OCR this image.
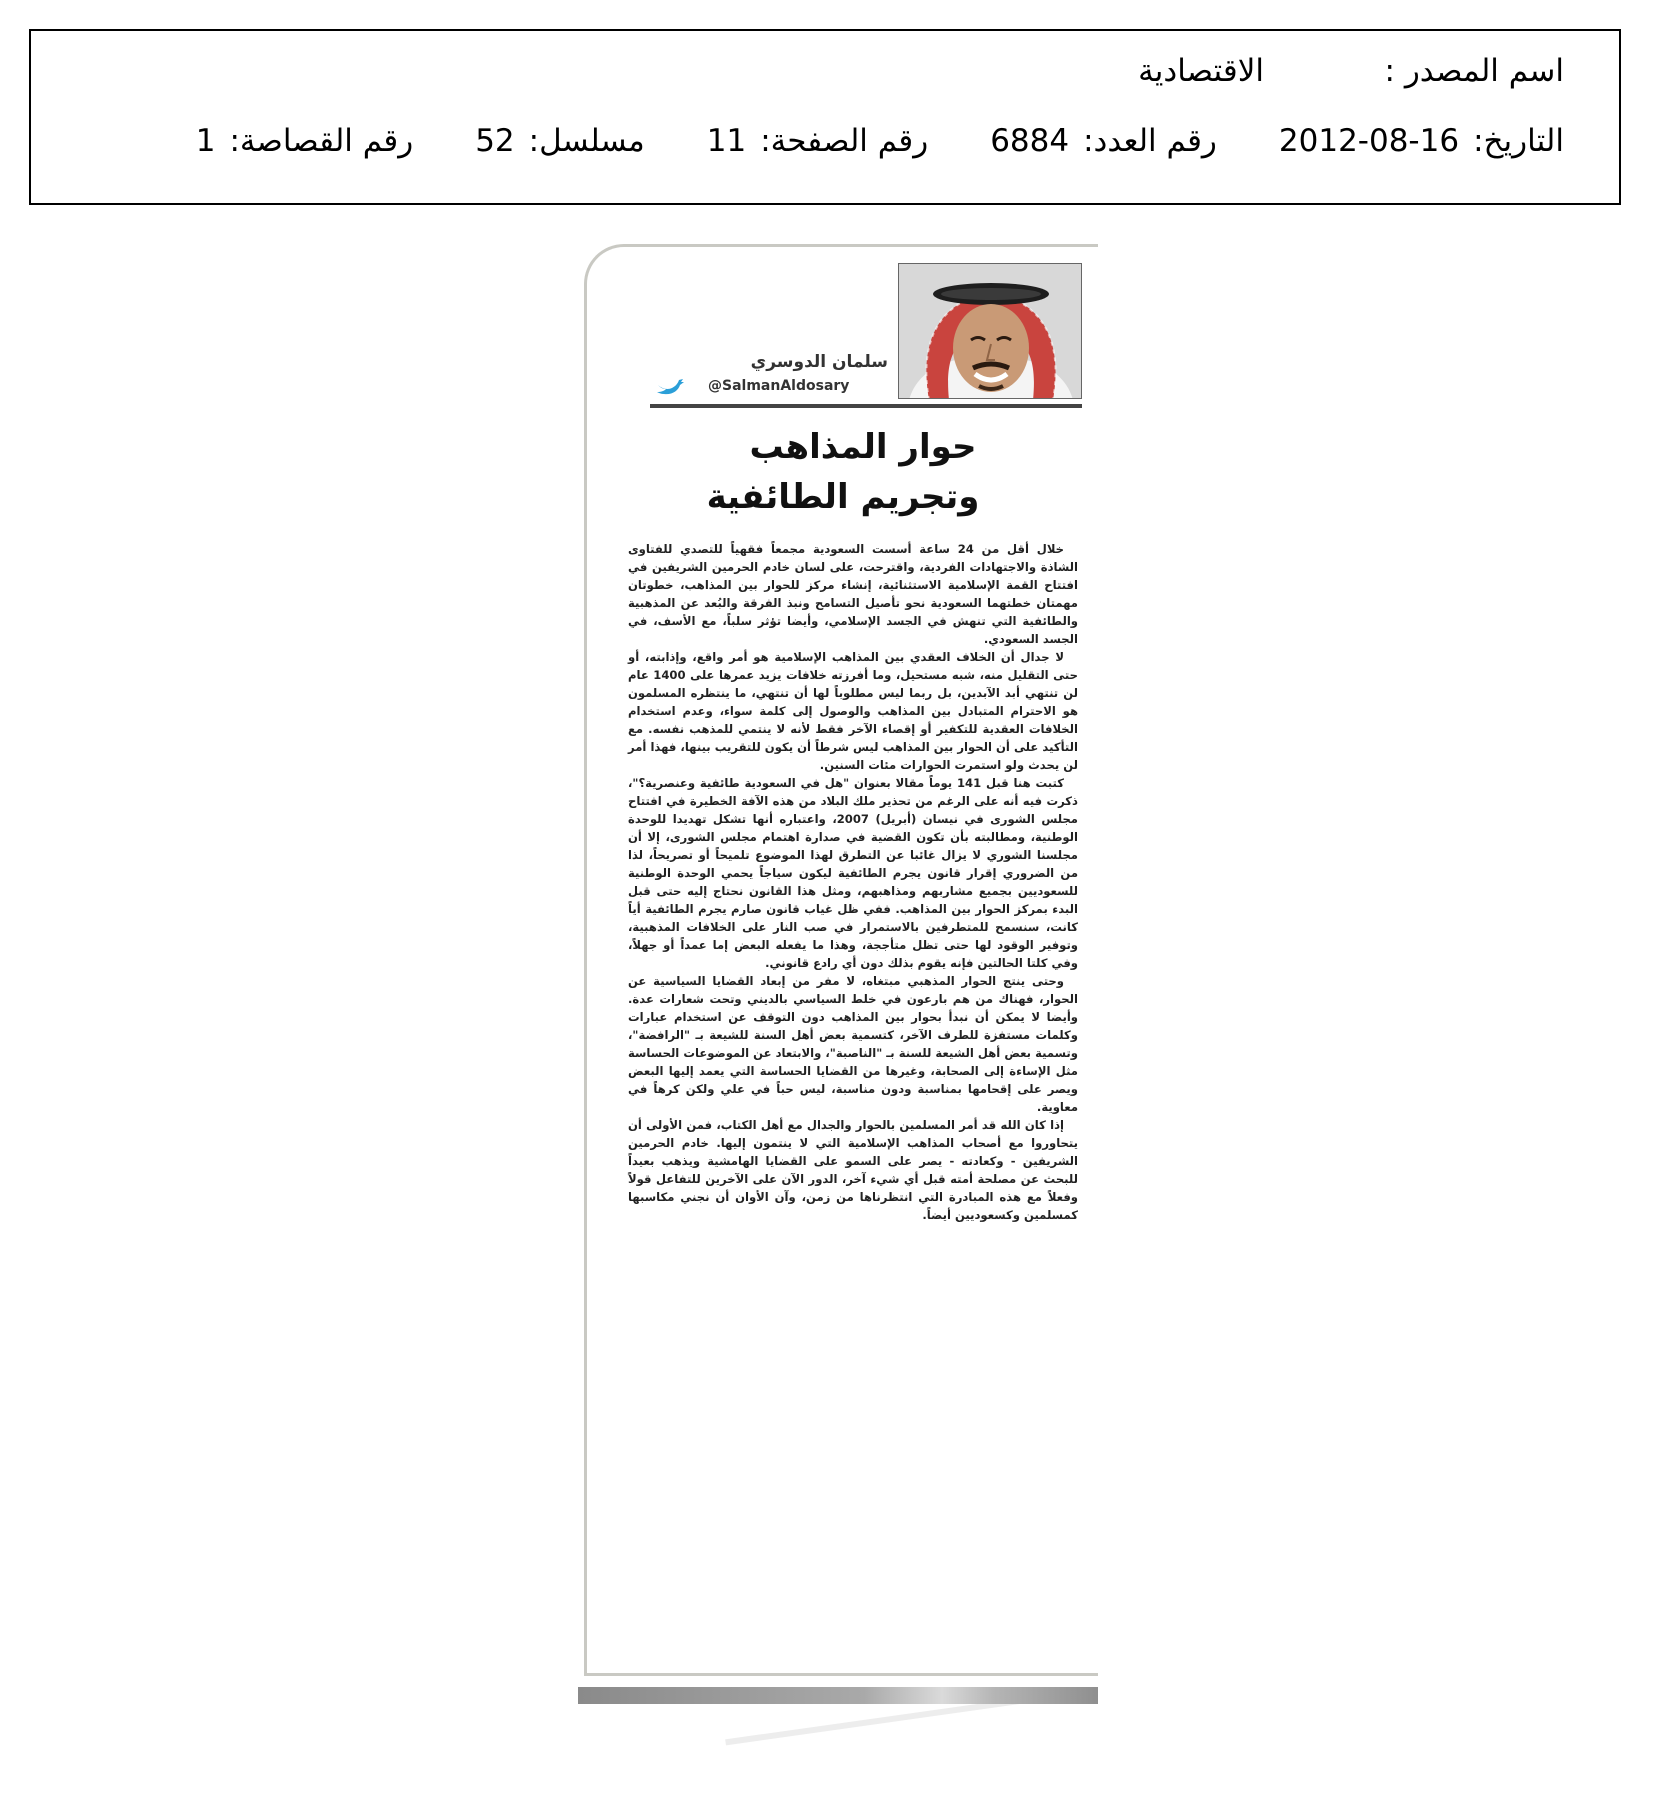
اسم المصدر :
الاقتصادية
التاريخ:
2012-08-16
رقم العدد:
6884
رقم الصفحة:
11
مسلسل:
52
رقم القصاصة:
1
سلمان الدوسري
@SalmanAldosary
حوار المذاهب
وتجريم الطائفية

خلال أقل من 24 ساعة أسست السعودية مجمعاً فقهياً للتصدي للفتاوى الشاذة والاجتهادات الفردية، واقترحت، على لسان خادم الحرمين الشريفين في افتتاح القمة الإسلامية الاستثنائية، إنشاء مركز للحوار بين المذاهب، خطوتان مهمتان خطتهما السعودية نحو تأصيل التسامح ونبذ الفرقة والبُعد عن المذهبية والطائفية التي تنهش في الجسد الإسلامي، وأيضا تؤثر سلباً، مع الأسف، في الجسد السعودي.

لا جدال أن الخلاف العقدي بين المذاهب الإسلامية هو أمر واقع، وإذابته، أو حتى التقليل منه، شبه مستحيل، وما أفرزته خلافات يزيد عمرها على 1400 عام لن تنتهي أبد الآبدين، بل ربما ليس مطلوباً لها أن تنتهي، ما ينتظره المسلمون هو الاحترام المتبادل بين المذاهب والوصول إلى كلمة سواء، وعدم استخدام الخلافات العقدية للتكفير أو إقصاء الآخر فقط لأنه لا ينتمي للمذهب نفسه. مع التأكيد على أن الحوار بين المذاهب ليس شرطاً أن يكون للتقريب بينها، فهذا أمر لن يحدث ولو استمرت الحوارات مئات السنين.

كتبت هنا قبل 141 يوماً مقالا بعنوان "هل في السعودية طائفية وعنصرية؟"، ذكرت فيه أنه على الرغم من تحذير ملك البلاد من هذه الآفة الخطيرة في افتتاح مجلس الشورى في نيسان (أبريل) 2007، واعتباره أنها تشكل تهديدا للوحدة الوطنية، ومطالبته بأن تكون القضية في صدارة اهتمام مجلس الشورى، إلا أن مجلسنا الشوري لا يزال غائبا عن التطرق لهذا الموضوع تلميحاً أو تصريحاً، لذا من الضروري إقرار قانون يجرم الطائفية ليكون سياجاً يحمي الوحدة الوطنية للسعوديين بجميع مشاربهم ومذاهبهم، ومثل هذا القانون نحتاج إليه حتى قبل البدء بمركز الحوار بين المذاهب. ففي ظل غياب قانون صارم يجرم الطائفية أياً كانت، سنسمح للمتطرفين بالاستمرار في صب النار على الخلافات المذهبية، وتوفير الوقود لها حتى تظل متأججة، وهذا ما يفعله البعض إما عمداً أو جهلاً، وفي كلتا الحالتين فإنه يقوم بذلك دون أي رادع قانوني.

وحتى ينتج الحوار المذهبي مبتغاه، لا مفر من إبعاد القضايا السياسية عن الحوار، فهناك من هم بارعون في خلط السياسي بالديني وتحت شعارات عدة. وأيضا لا يمكن أن نبدأ بحوار بين المذاهب دون التوقف عن استخدام عبارات وكلمات مستفزة للطرف الآخر، كتسمية بعض أهل السنة للشيعة بـ "الرافضة"، وتسمية بعض أهل الشيعة للسنة بـ "الناصبة"، والابتعاد عن الموضوعات الحساسة مثل الإساءة إلى الصحابة، وغيرها من القضايا الحساسة التي يعمد إليها البعض ويصر على إقحامها بمناسبة ودون مناسبة، ليس حباً في علي ولكن كرهاً في معاوية.

إذا كان الله قد أمر المسلمين بالحوار والجدال مع أهل الكتاب، فمن الأولى أن يتحاوروا مع أصحاب المذاهب الإسلامية التي لا ينتمون إليها. خادم الحرمين الشريفين - وكعادته - يصر على السمو على القضايا الهامشية ويذهب بعيداً للبحث عن مصلحة أمته قبل أي شيء آخر، الدور الآن على الآخرين للتفاعل قولاً وفعلاً مع هذه المبادرة التي انتظرناها من زمن، وآن الأوان أن نجني مكاسبها كمسلمين وكسعوديين أيضاً.
